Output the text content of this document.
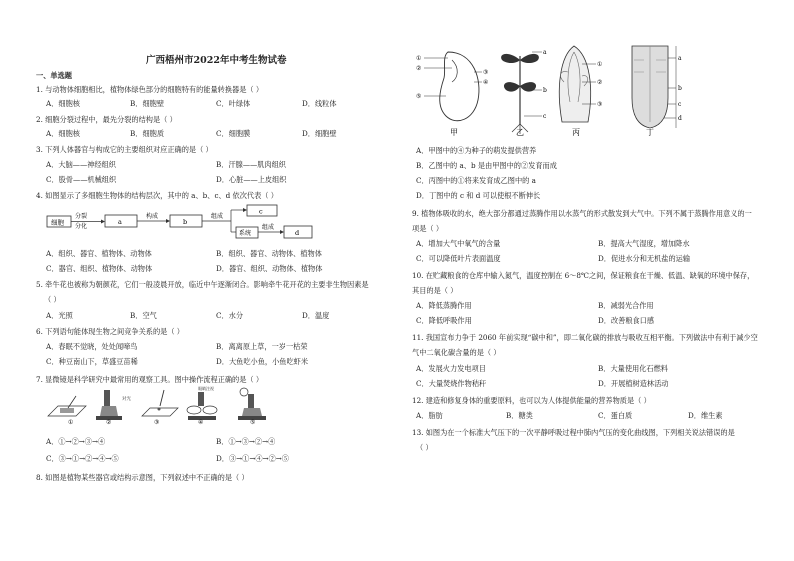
广西梧州市2022年中考生物试卷
一、单选题
1. 与动物体细胞相比，植物体绿色部分的细胞特有的能量转换器是（ ）
A．细胞核	B．细胞壁	C．叶绿体	D．线粒体
2. 细胞分裂过程中，最先分裂的结构是（ ）
A．细胞核	B．细胞质	C．细胞膜	D．细胞壁
3. 下列人体器官与构成它的主要组织对应正确的是（ ）
A．大脑——神经组织	B．汗腺——肌肉组织
C．股骨——机械组织	D．心脏——上皮组织
4. 如图显示了多细胞生物体的结构层次，其中的 a、b、c、d 依次代表（ ）
细胞
分裂
分化
a
构成
b
组成
c
系统
组成
d
A．组织、器官、植物体、动物体	B．组织、器官、动物体、植物体
C．器官、组织、植物体、动物体	D．器官、组织、动物体、植物体
5. 牵牛花也被称为朝颜花，它们一般凌晨开放，临近中午逐渐闭合。影响牵牛花开花的主要非生物因素是
（ ）
A．光照	B．空气	C．水分	D．温度
6. 下列语句能体现生物之间竞争关系的是（ ）
A．春眠不觉晓，处处闻啼鸟	B．离离原上草，一岁一枯荣
C．种豆南山下，草盛豆苗稀	D．大鱼吃小鱼，小鱼吃虾米
7. 显微镜是科学研究中最常用的观察工具。图中操作流程正确的是（ ）
①
对光
②	③
眼睛注视
④	⑤
A．①→②→③→④	B．①→③→②→④
C．③→①→②→④→⑤	D．③→①→④→②→⑤
8. 如图是植物某些器官或结构示意图，下列叙述中不正确的是（ ）
①
②
⑤
③
④
甲
a
b
c
乙
①
②
③
丙
a
b
c
d
丁
A．甲图中的④为种子的萌发提供营养
B．乙图中的 a、b 是由甲图中的②发育而成
C．丙图中的①将来发育成乙图中的 a
D．丁图中的 c 和 d 可以使根不断伸长
9. 植物体吸收的水，绝大部分都通过蒸腾作用以水蒸气的形式散发到大气中。下列不属于蒸腾作用意义的一
项是（ ）
A．增加大气中氧气的含量	B．提高大气湿度，增加降水
C．可以降低叶片表面温度	D．促进水分和无机盐的运输
10. 在贮藏粮食的仓库中输入氮气，温度控制在 6～8℃之间，保证粮食在干燥、低温、缺氧的环境中保存，
其目的是（ ）
A．降低蒸腾作用	B．减弱光合作用
C．降低呼吸作用	D．改善粮食口感
11. 我国宣布力争于 2060 年前实现“碳中和”，即二氧化碳的排放与吸收互相平衡。下列做法中有利于减少空
气中二氧化碳含量的是（ ）
A．发展火力发电项目	B．大量使用化石燃料
C．大量焚烧作物秸秆	D．开展植树造林活动
12. 建造和修复身体的重要原料，也可以为人体提供能量的营养物质是（ ）
A．脂肪	B．糖类	C．蛋白质	D．维生素
13. 如图为在一个标准大气压下的一次平静呼吸过程中肺内气压的变化曲线图，下列相关说法错误的是
（ ）
